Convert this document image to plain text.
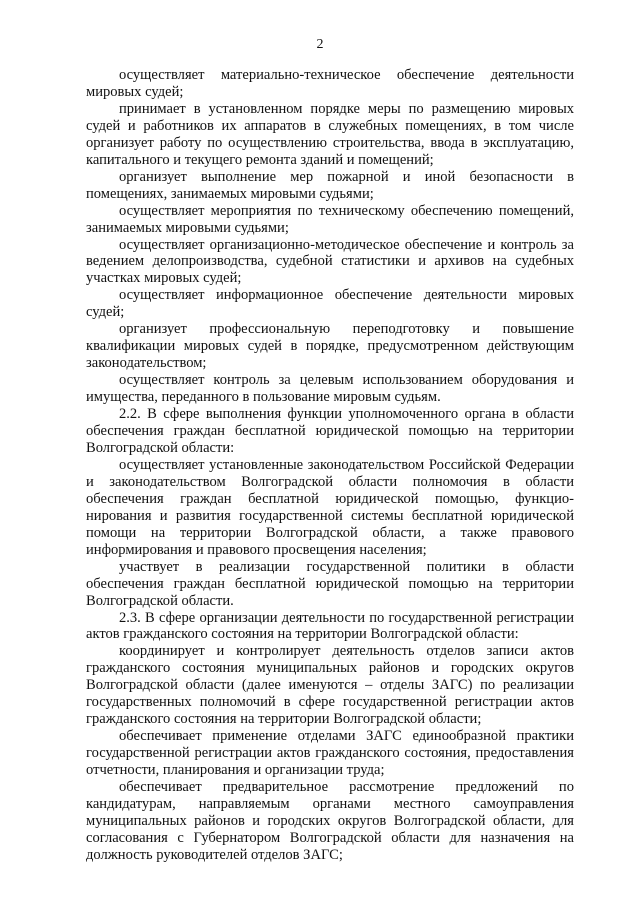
2

осуществляет материально-техническое обеспечение деятельности мировых судей;

принимает в установленном порядке меры по размещению мировых судей и работников их аппаратов в служебных помещениях, в том числе организует работу по осуществлению строительства, ввода в эксплуатацию, капитального и текущего ремонта зданий и помещений;

организует выполнение мер пожарной и иной безопасности в помещениях, занимаемых мировыми судьями;

осуществляет мероприятия по техническому обеспечению помещений, занимаемых мировыми судьями;

осуществляет организационно-методическое обеспечение и контроль за ведением делопроизводства, судебной статистики и архивов на судебных участках мировых судей;

осуществляет информационное обеспечение деятельности мировых судей;

организует профессиональную переподготовку и повышение квалификации мировых судей в порядке, предусмотренном действующим законодательством;

осуществляет контроль за целевым использованием оборудования и имущества, переданного в пользование мировым судьям.

2.2. В сфере выполнения функции уполномоченного органа в области обеспечения граждан бесплатной юридической помощью на территории Волгоградской области:

осуществляет установленные законодательством Российской Федерации и законодательством Волгоградской области полномочия в области обеспечения граждан бесплатной юридической помощью, функцио-нирования и развития государственной системы бесплатной юридической помощи на территории Волгоградской области, а также правового информирования и правового просвещения населения;

участвует в реализации государственной политики в области обеспечения граждан бесплатной юридической помощью на территории Волгоградской области.

2.3. В сфере организации деятельности по государственной регистрации актов гражданского состояния на территории Волгоградской области:

координирует и контролирует деятельность отделов записи актов гражданского состояния муниципальных районов и городских округов Волгоградской области (далее именуются – отделы ЗАГС) по реализации государственных полномочий в сфере государственной регистрации актов гражданского состояния на территории Волгоградской области;

обеспечивает применение отделами ЗАГС единообразной практики государственной регистрации актов гражданского состояния, предоставления отчетности, планирования и организации труда;

обеспечивает предварительное рассмотрение предложений по кандидатурам, направляемым органами местного самоуправления муниципальных районов и городских округов Волгоградской области, для согласования с Губернатором Волгоградской области для назначения на должность руководителей отделов ЗАГС;
